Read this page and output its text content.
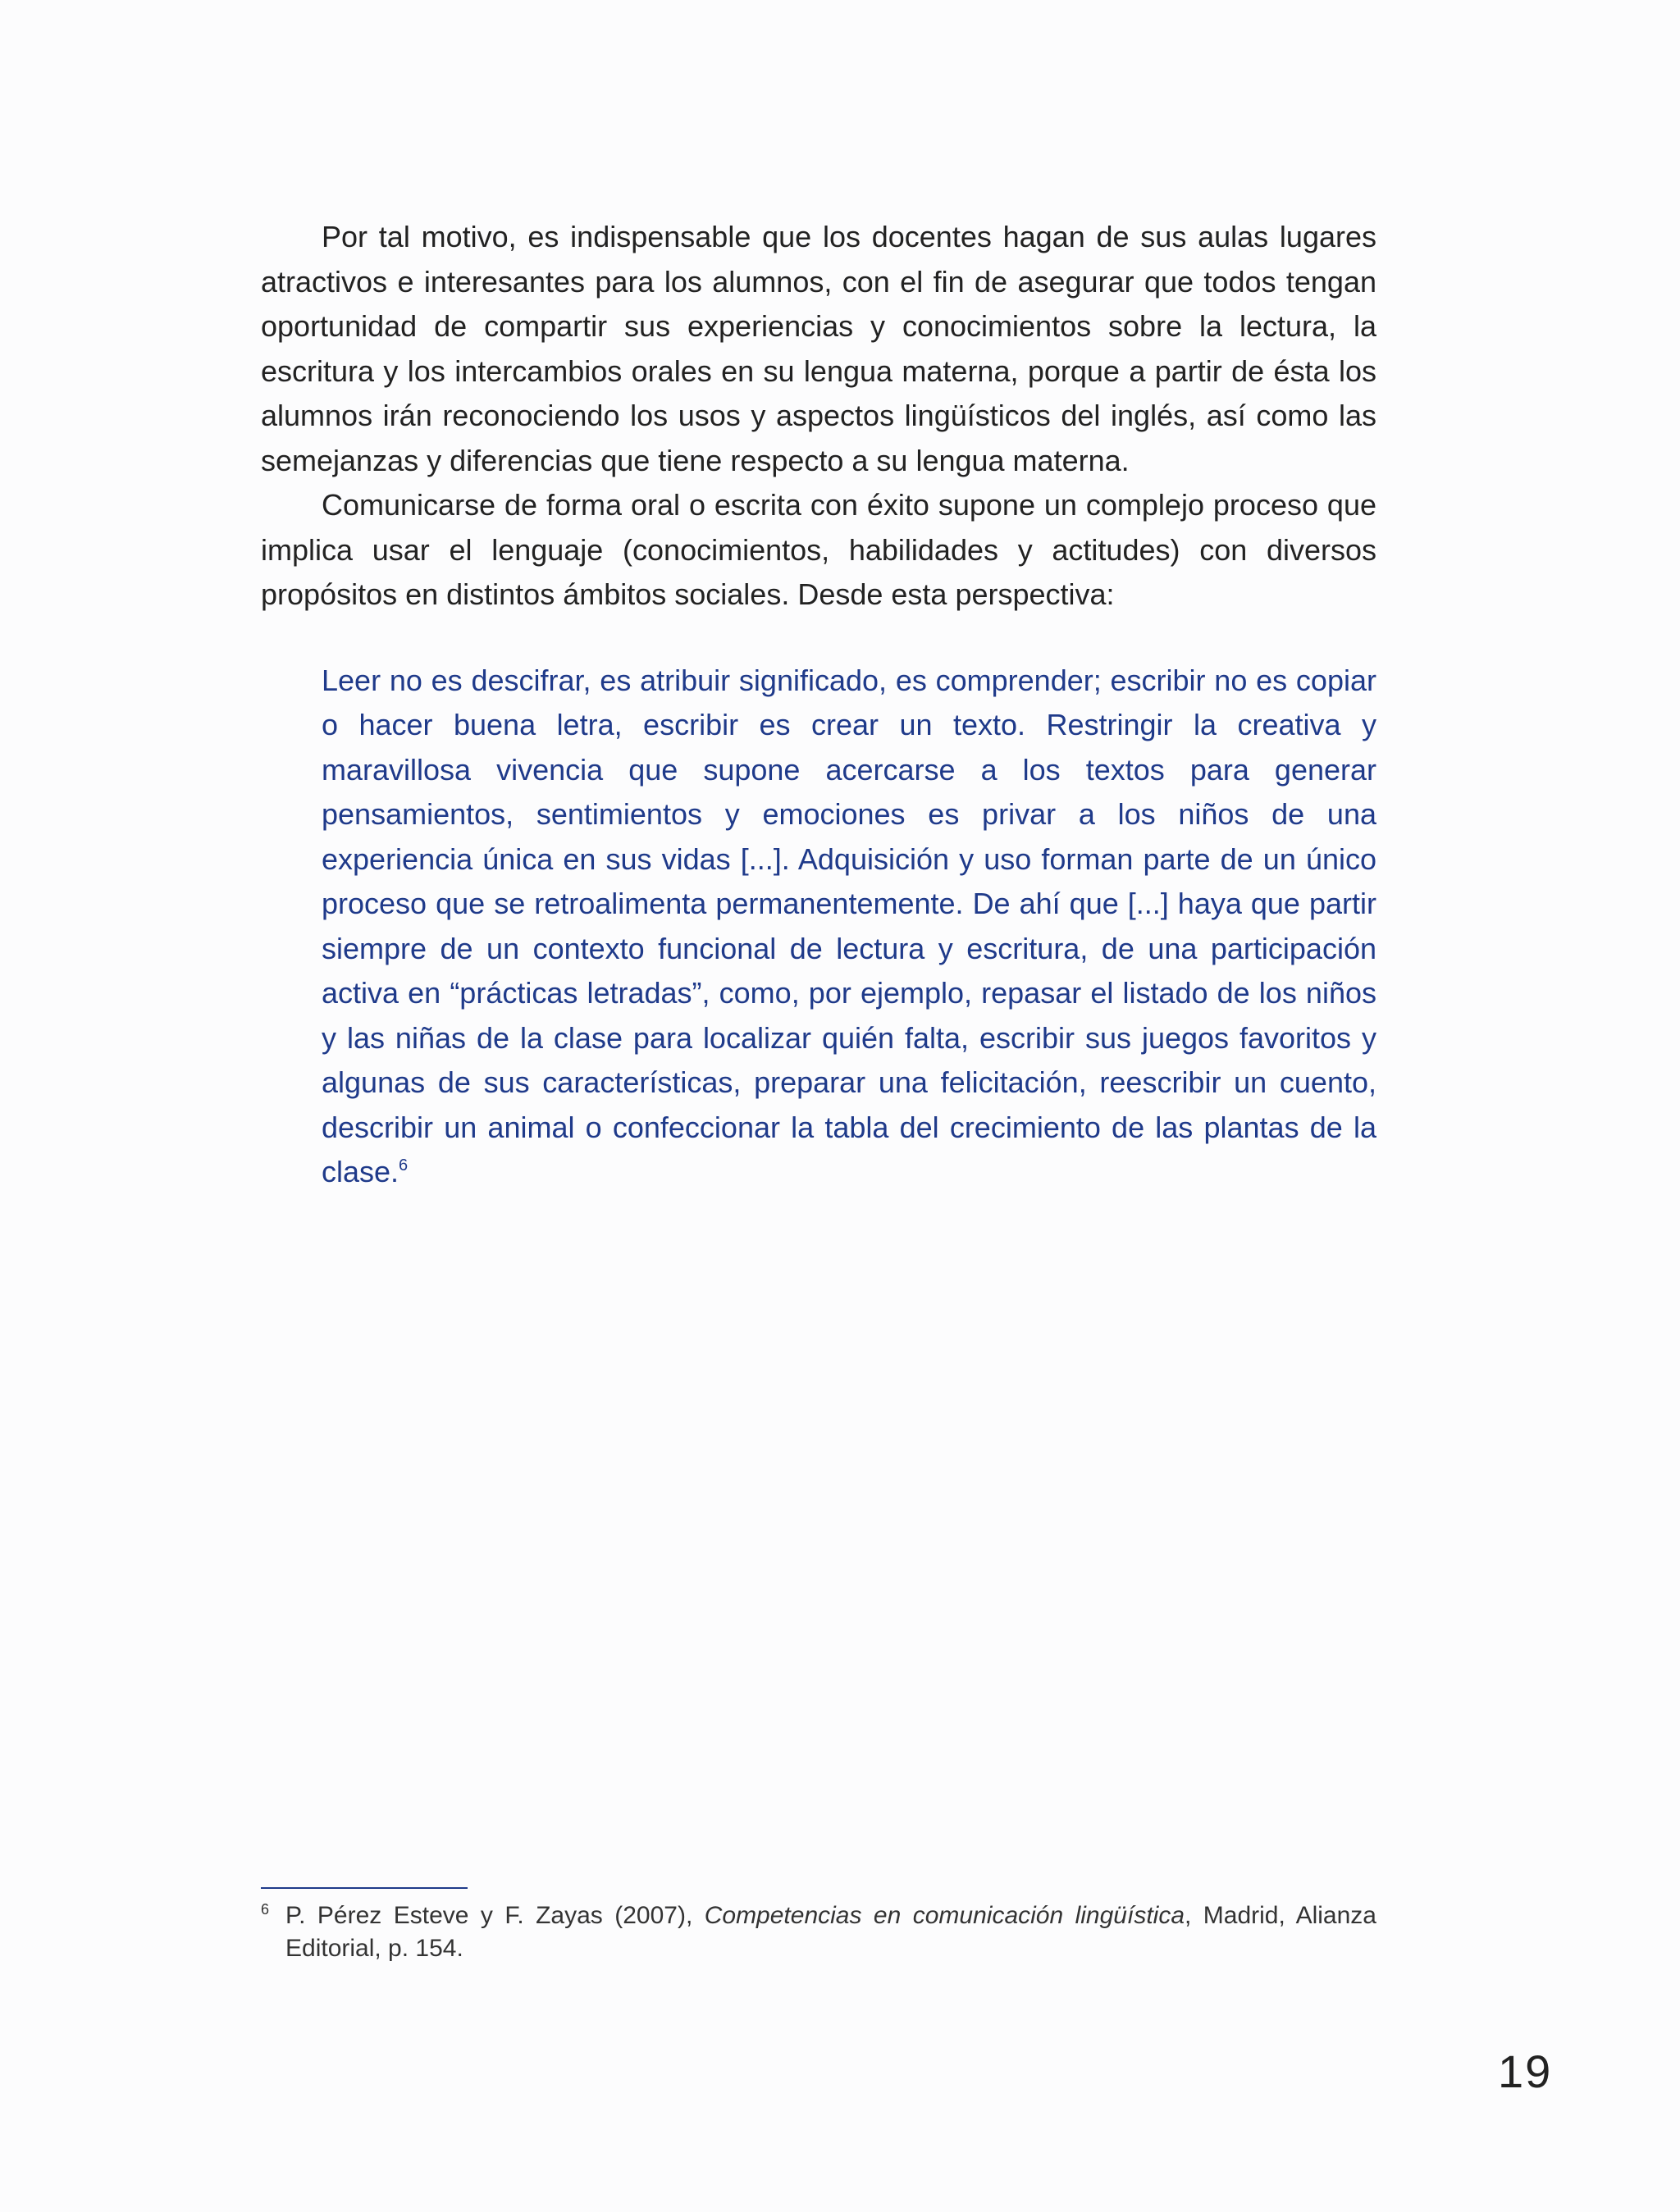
Por tal motivo, es indispensable que los docentes hagan de sus aulas lugares atractivos e interesantes para los alumnos, con el fin de asegurar que todos tengan oportunidad de compartir sus experiencias y conocimientos sobre la lectura, la escritura y los intercambios orales en su lengua materna, porque a partir de ésta los alumnos irán reconociendo los usos y aspectos lingüísticos del inglés, así como las semejanzas y diferencias que tiene respecto a su lengua materna.

Comunicarse de forma oral o escrita con éxito supone un complejo proceso que implica usar el lenguaje (conocimientos, habilidades y actitudes) con diversos propósitos en distintos ámbitos sociales. Desde esta perspectiva:

Leer no es descifrar, es atribuir significado, es comprender; escribir no es copiar o hacer buena letra, escribir es crear un texto. Restringir la creativa y maravillosa vivencia que supone acercarse a los textos para generar pensamientos, sentimientos y emociones es privar a los niños de una experiencia única en sus vidas [...]. Adquisición y uso forman parte de un único proceso que se retroalimenta permanentemente. De ahí que [...] haya que partir siempre de un contexto funcional de lectura y escritura, de una participación activa en “prácticas letradas”, como, por ejemplo, repasar el listado de los niños y las niñas de la clase para localizar quién falta, escribir sus juegos favoritos y algunas de sus características, preparar una felicitación, reescribir un cuento, describir un animal o confeccionar la tabla del crecimiento de las plantas de la clase.$^6$

6 P. Pérez Esteve y F. Zayas (2007), Competencias en comunicación lingüística, Madrid, Alianza Editorial, p. 154.
19
